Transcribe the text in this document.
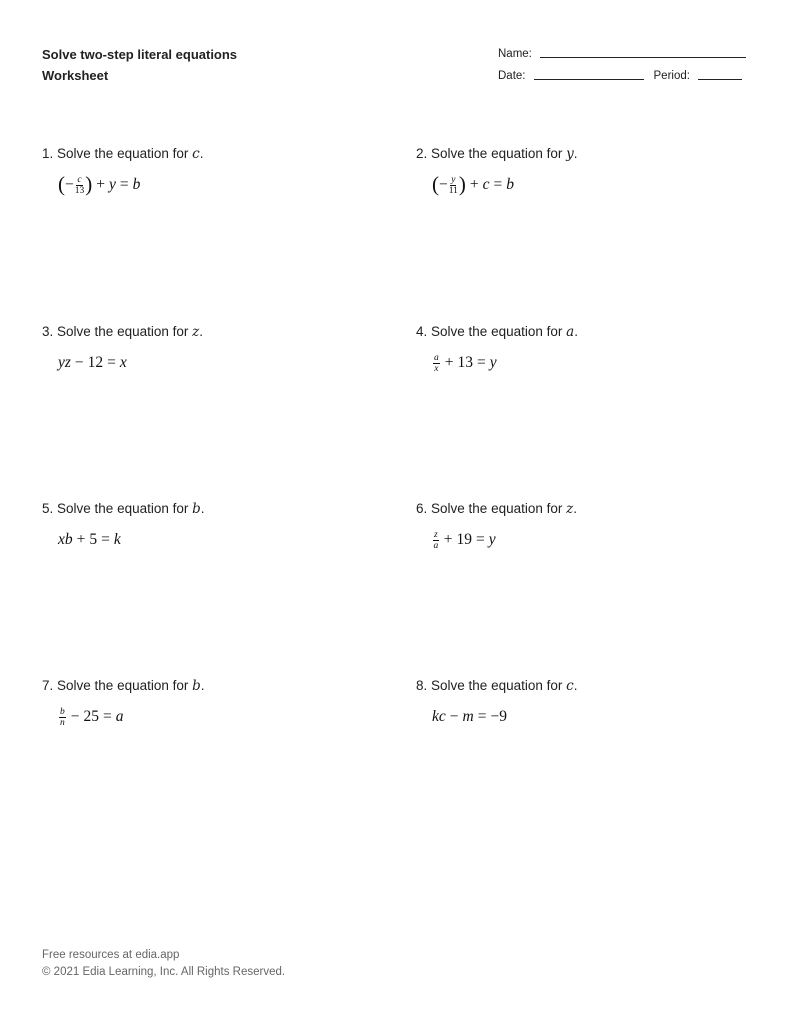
Solve two-step literal equations
Worksheet
Name:
Date:	Period:
1. Solve the equation for c.
( − $\frac{c}{13}$ ) + y = b
2. Solve the equation for y.
( − $\frac{y}{11}$ ) + c = b
3. Solve the equation for z.
yz − 12 = x
4. Solve the equation for a.
$\frac{a}{x} + 13 = y$
5. Solve the equation for b.
xb + 5 = k
6. Solve the equation for z.
$\frac{z}{a} + 19 = y$
7. Solve the equation for b.
$\frac{b}{n} - 25 = a$
8. Solve the equation for c.
kc − m = −9
Free resources at edia.app
© 2021 Edia Learning, Inc. All Rights Reserved.
